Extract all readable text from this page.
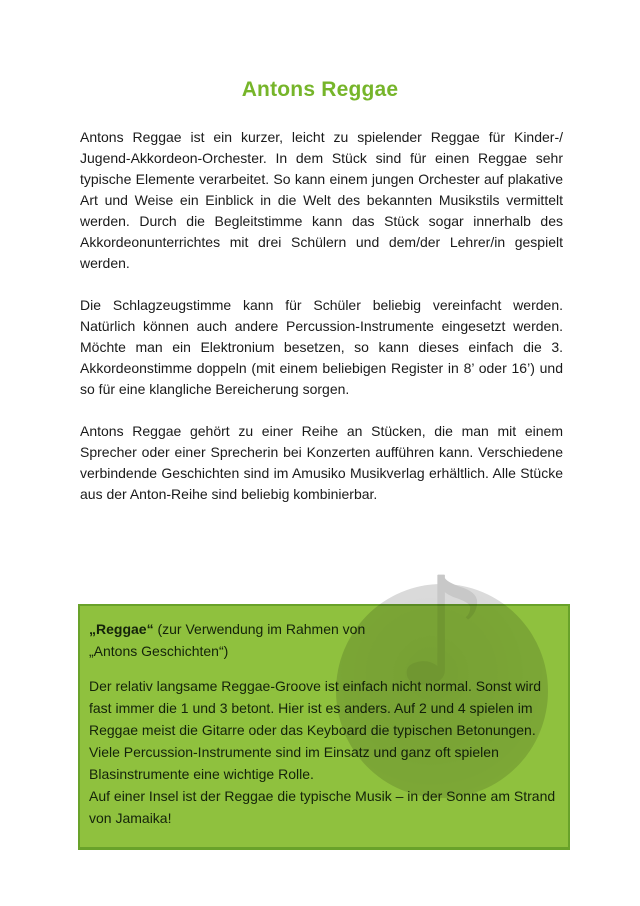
Antons Reggae

Antons Reggae ist ein kurzer, leicht zu spielender Reggae für Kinder-/ Jugend-Akkordeon-Orchester. In dem Stück sind für einen Reggae sehr typische Elemente verarbeitet. So kann einem jungen Orchester auf plakative Art und Weise ein Einblick in die Welt des bekannten Musikstils vermittelt werden. Durch die Begleitstimme kann das Stück sogar innerhalb des Akkordeonunterrichtes mit drei Schülern und dem/der Lehrer/in gespielt werden.

Die Schlagzeugstimme kann für Schüler beliebig vereinfacht werden. Natürlich können auch andere Percussion-Instrumente eingesetzt werden. Möchte man ein Elektronium besetzen, so kann dieses einfach die 3. Akkordeonstimme doppeln (mit einem beliebigen Register in 8’ oder 16’) und so für eine klangliche Bereicherung sorgen.

Antons Reggae gehört zu einer Reihe an Stücken, die man mit einem Sprecher oder einer Sprecherin bei Konzerten aufführen kann. Verschiedene verbindende Geschichten sind im Amusiko Musikverlag erhältlich. Alle Stücke aus der Anton-Reihe sind beliebig kombinierbar.

„Reggae“ (zur Verwendung im Rahmen von
„Antons Geschichten“)

Der relativ langsame Reggae-Groove ist einfach nicht normal. Sonst wird fast immer die 1 und 3 betont. Hier ist es anders. Auf 2 und 4 spielen im Reggae meist die Gitarre oder das Keyboard die typischen Betonungen. Viele Percussion-Instrumente sind im Einsatz und ganz oft spielen Blasinstrumente eine wichtige Rolle.

Auf einer Insel ist der Reggae die typische Musik – in der Sonne am Strand von Jamaika!

♪
